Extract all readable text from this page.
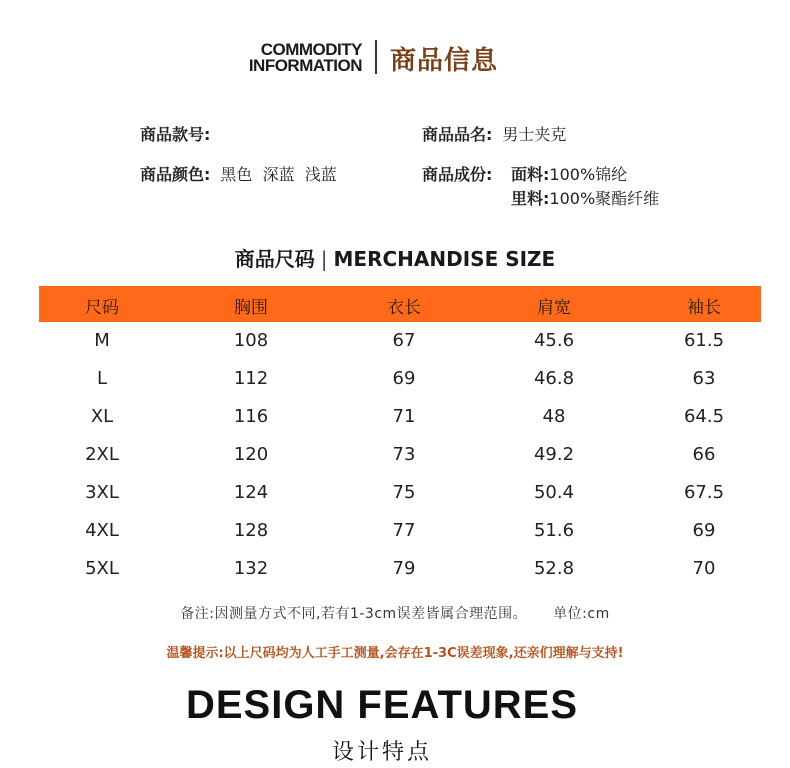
COMMODITY
INFORMATION 商品信息
商品款号:	商品品名: 男士夹克
商品颜色: 黑色  深蓝  浅蓝	商品成份: 面料:100%锦纶
里料:100%聚酯纤维
商品尺码 | MERCHANDISE SIZE
尺码	胸围	衣长	肩宽	袖长
M	108	67	45.6	61.5
L	112	69	46.8	63
XL	116	71	48	64.5
2XL	120	73	49.2	66
3XL	124	75	50.4	67.5
4XL	128	77	51.6	69
5XL	132	79	52.8	70
备注:因测量方式不同,若有1-3cm误差皆属合理范围。 单位:cm
温馨提示:以上尺码均为人工手工测量,会存在1-3C误差现象,还亲们理解与支持!
DESIGN FEATURES
设计特点
